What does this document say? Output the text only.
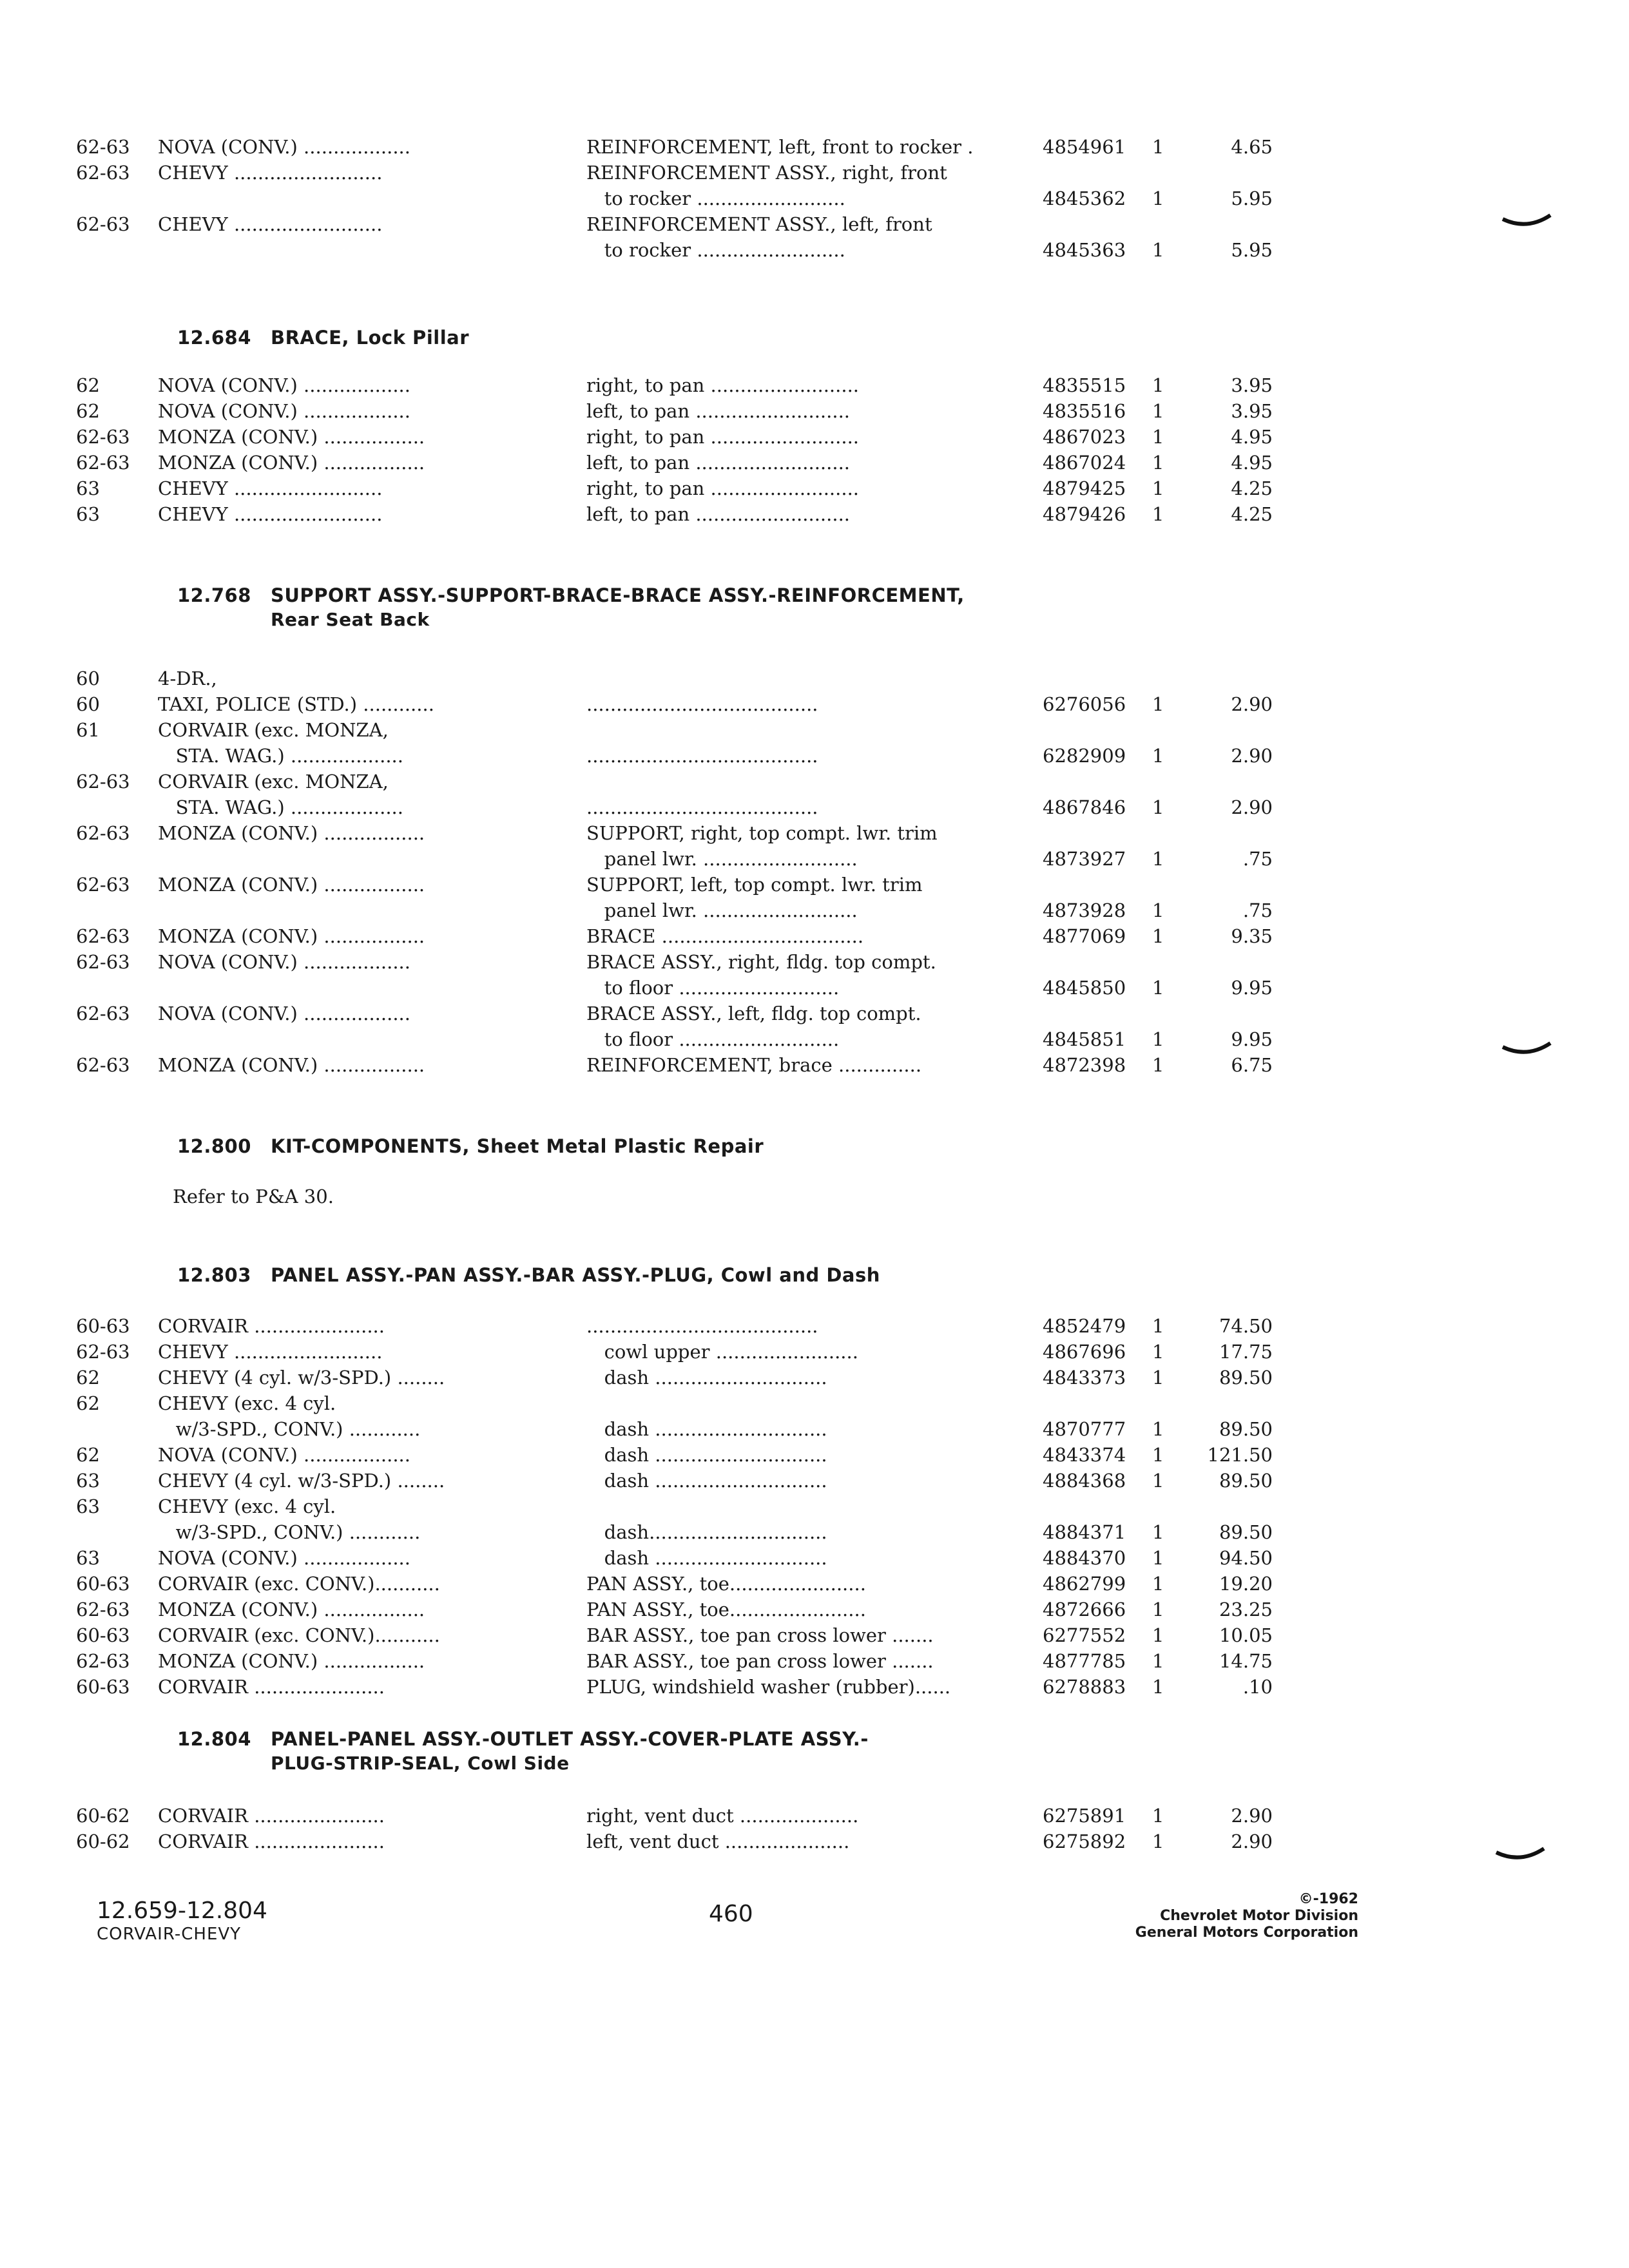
62-63 NOVA (CONV.) ..................	REINFORCEMENT, left, front to rocker .	4854961 1	4.65
62-63 CHEVY .........................	REINFORCEMENT ASSY., right, front
to rocker .........................	4845362 1	5.95
62-63 CHEVY .........................	REINFORCEMENT ASSY., left, front
to rocker .........................	4845363 1	5.95
12.684 BRACE, Lock Pillar
62	NOVA (CONV.) ..................	right, to pan .........................	4835515 1	3.95
62	NOVA (CONV.) ..................	left, to pan ..........................	4835516 1	3.95
62-63 MONZA (CONV.) .................	right, to pan .........................	4867023 1	4.95
62-63 MONZA (CONV.) .................	left, to pan ..........................	4867024 1	4.95
63	CHEVY .........................	right, to pan .........................	4879425 1	4.25
63	CHEVY .........................	left, to pan ..........................	4879426 1	4.25
12.768 SUPPORT ASSY.-SUPPORT-BRACE-BRACE ASSY.-REINFORCEMENT,
Rear Seat Back
60	4-DR.,
60	TAXI, POLICE (STD.) ............	.......................................	6276056 1	2.90
61	CORVAIR (exc. MONZA,
STA. WAG.) ...................	.......................................	6282909 1	2.90
62-63 CORVAIR (exc. MONZA,
STA. WAG.) ...................	.......................................	4867846 1	2.90
62-63 MONZA (CONV.) .................	SUPPORT, right, top compt. lwr. trim
panel lwr. ..........................	4873927 1	.75
62-63 MONZA (CONV.) .................	SUPPORT, left, top compt. lwr. trim
panel lwr. ..........................	4873928 1	.75
62-63 MONZA (CONV.) .................	BRACE ..................................	4877069 1	9.35
62-63 NOVA (CONV.) ..................	BRACE ASSY., right, fldg. top compt.
to floor ...........................	4845850 1	9.95
62-63 NOVA (CONV.) ..................	BRACE ASSY., left, fldg. top compt.
to floor ...........................	4845851 1	9.95
62-63 MONZA (CONV.) .................	REINFORCEMENT, brace ..............	4872398 1	6.75
12.800 KIT-COMPONENTS, Sheet Metal Plastic Repair
Refer to P&A 30.
12.803 PANEL ASSY.-PAN ASSY.-BAR ASSY.-PLUG, Cowl and Dash
60-63 CORVAIR ......................	.......................................	4852479 1	74.50
62-63 CHEVY .........................	cowl upper ........................	4867696 1	17.75
62	CHEVY (4 cyl. w/3-SPD.) ........	dash .............................	4843373 1	89.50
62	CHEVY (exc. 4 cyl.
w/3-SPD., CONV.) ............	dash .............................	4870777 1	89.50
62	NOVA (CONV.) ..................	dash .............................	4843374 1 121.50
63	CHEVY (4 cyl. w/3-SPD.) ........	dash .............................	4884368 1	89.50
63	CHEVY (exc. 4 cyl.
w/3-SPD., CONV.) ............	dash..............................	4884371 1	89.50
63	NOVA (CONV.) ..................	dash .............................	4884370 1	94.50
60-63 CORVAIR (exc. CONV.)...........	PAN ASSY., toe.......................	4862799 1	19.20
62-63 MONZA (CONV.) .................	PAN ASSY., toe.......................	4872666 1	23.25
60-63 CORVAIR (exc. CONV.)...........	BAR ASSY., toe pan cross lower .......	6277552 1	10.05
62-63 MONZA (CONV.) .................	BAR ASSY., toe pan cross lower .......	4877785 1	14.75
60-63 CORVAIR ......................	PLUG, windshield washer (rubber)......	6278883 1	.10
12.804 PANEL-PANEL ASSY.-OUTLET ASSY.-COVER-PLATE ASSY.-
PLUG-STRIP-SEAL, Cowl Side
60-62 CORVAIR ......................	right, vent duct ....................	6275891 1	2.90
60-62 CORVAIR ......................	left, vent duct .....................	6275892 1	2.90
12.659-12.804
CORVAIR-CHEVY
460
©-1962
Chevrolet Motor Division
General Motors Corporation
